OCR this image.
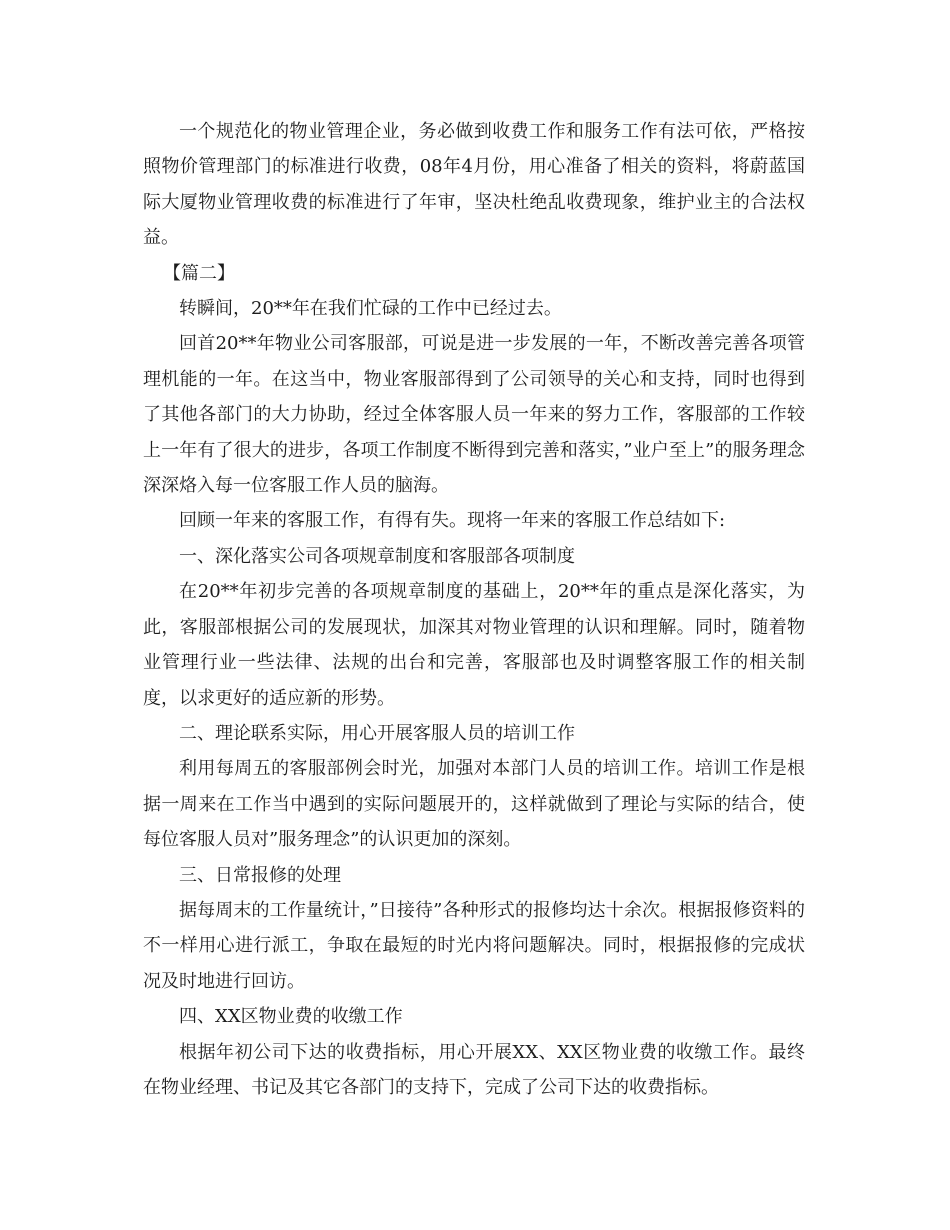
一个规范化的物业管理企业，务必做到收费工作和服务工作有法可依，严格按照物价管理部门的标准进行收费，08年4月份，用心准备了相关的资料，将蔚蓝国际大厦物业管理收费的标准进行了年审，坚决杜绝乱收费现象，维护业主的合法权益。

【篇二】

转瞬间，20**年在我们忙碌的工作中已经过去。

回首20**年物业公司客服部，可说是进一步发展的一年，不断改善完善各项管理机能的一年。在这当中，物业客服部得到了公司领导的关心和支持，同时也得到了其他各部门的大力协助，经过全体客服人员一年来的努力工作，客服部的工作较上一年有了很大的进步，各项工作制度不断得到完善和落实，”业户至上”的服务理念深深烙入每一位客服工作人员的脑海。

回顾一年来的客服工作，有得有失。现将一年来的客服工作总结如下:

一、深化落实公司各项规章制度和客服部各项制度

在20**年初步完善的各项规章制度的基础上，20**年的重点是深化落实，为此，客服部根据公司的发展现状，加深其对物业管理的认识和理解。同时，随着物业管理行业一些法律、法规的出台和完善，客服部也及时调整客服工作的相关制度，以求更好的适应新的形势。

二、理论联系实际，用心开展客服人员的培训工作

利用每周五的客服部例会时光，加强对本部门人员的培训工作。培训工作是根据一周来在工作当中遇到的实际问题展开的，这样就做到了理论与实际的结合，使每位客服人员对”服务理念”的认识更加的深刻。

三、日常报修的处理

据每周末的工作量统计，”日接待”各种形式的报修均达十余次。根据报修资料的不一样用心进行派工，争取在最短的时光内将问题解决。同时，根据报修的完成状况及时地进行回访。

四、XX区物业费的收缴工作

根据年初公司下达的收费指标，用心开展XX、XX区物业费的收缴工作。最终在物业经理、书记及其它各部门的支持下，完成了公司下达的收费指标。
